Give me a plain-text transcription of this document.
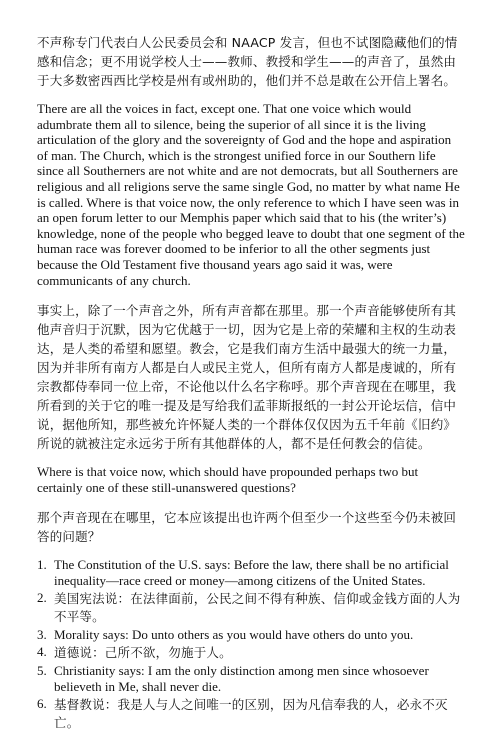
不声称专门代表白人公民委员会和 NAACP 发言，但也不试图隐藏他们的情感和信念；更不用说学校人士——教师、教授和学生——的声音了，虽然由于大多数密西西比学校是州有或州助的，他们并不总是敢在公开信上署名。

There are all the voices in fact, except one. That one voice which would adumbrate them all to silence, being the superior of all since it is the living articulation of the glory and the sovereignty of God and the hope and aspiration of man. The Church, which is the strongest unified force in our Southern life since all Southerners are not white and are not democrats, but all Southerners are religious and all religions serve the same single God, no matter by what name He is called. Where is that voice now, the only reference to which I have seen was in an open forum letter to our Memphis paper which said that to his (the writer’s) knowledge, none of the people who begged leave to doubt that one segment of the human race was forever doomed to be inferior to all the other segments just because the Old Testament five thousand years ago said it was, were communicants of any church.

事实上，除了一个声音之外，所有声音都在那里。那一个声音能够使所有其他声音归于沉默，因为它优越于一切，因为它是上帝的荣耀和主权的生动表达，是人类的希望和愿望。教会，它是我们南方生活中最强大的统一力量，因为并非所有南方人都是白人或民主党人，但所有南方人都是虔诚的，所有宗教都侍奉同一位上帝，不论他以什么名字称呼。那个声音现在在哪里，我所看到的关于它的唯一提及是写给我们孟菲斯报纸的一封公开论坛信，信中说，据他所知，那些被允许怀疑人类的一个群体仅仅因为五千年前《旧约》所说的就被注定永远劣于所有其他群体的人，都不是任何教会的信徒。

Where is that voice now, which should have propounded perhaps two but certainly one of these still-unanswered questions?

那个声音现在在哪里，它本应该提出也许两个但至少一个这些至今仍未被回答的问题？

1. The Constitution of the U.S. says: Before the law, there shall be no artificial inequality—race creed or money—among citizens of the United States.
2. 美国宪法说：在法律面前，公民之间不得有种族、信仰或金钱方面的人为不平等。
3. Morality says: Do unto others as you would have others do unto you.
4. 道德说：己所不欲，勿施于人。
5. Christianity says: I am the only distinction among men since whosoever believeth in Me, shall never die.
6. 基督教说：我是人与人之间唯一的区别，因为凡信奉我的人，必永不灭亡。
